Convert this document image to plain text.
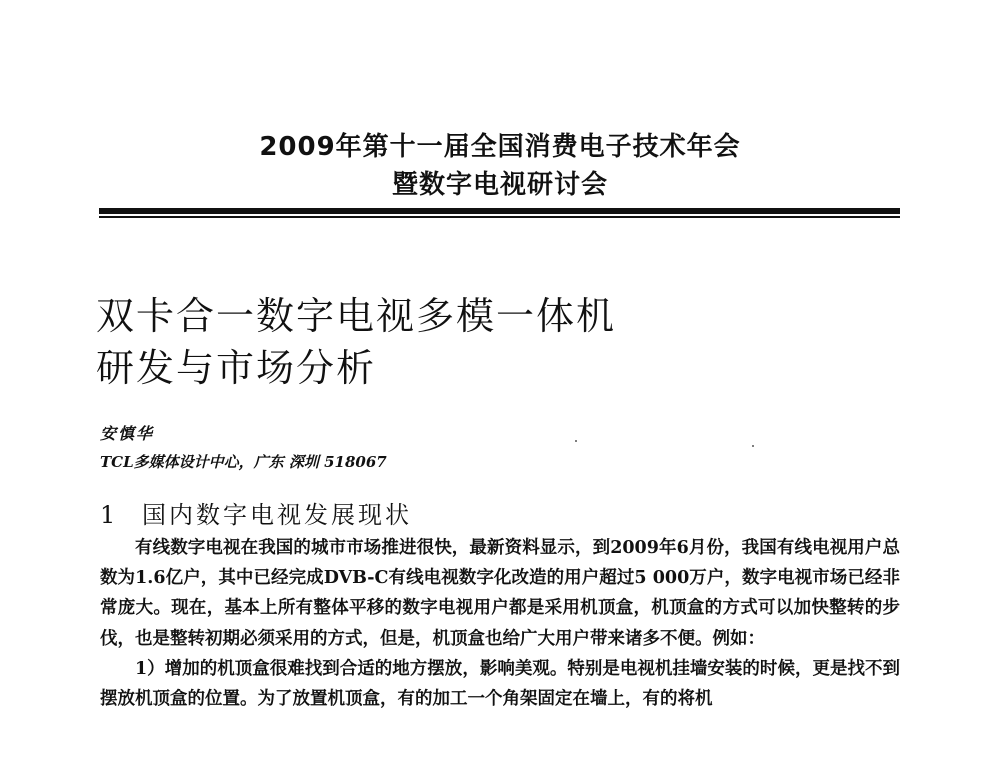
2009年第十一届全国消费电子技术年会
暨数字电视研讨会
双卡合一数字电视多模一体机
研发与市场分析
安慎华
TCL多媒体设计中心，广东 深圳 518067
1 国内数字电视发展现状

有线数字电视在我国的城市市场推进很快，最新资料显示，到2009年6月份，我国有线电视用户总数为1.6亿户，其中已经完成DVB-C有线电视数字化改造的用户超过5 000万户，数字电视市场已经非常庞大。现在，基本上所有整体平移的数字电视用户都是采用机顶盒，机顶盒的方式可以加快整转的步伐，也是整转初期必须采用的方式，但是，机顶盒也给广大用户带来诸多不便。例如：

1）增加的机顶盒很难找到合适的地方摆放，影响美观。特别是电视机挂墙安装的时候，更是找不到摆放机顶盒的位置。为了放置机顶盒，有的加工一个角架固定在墙上，有的将机
